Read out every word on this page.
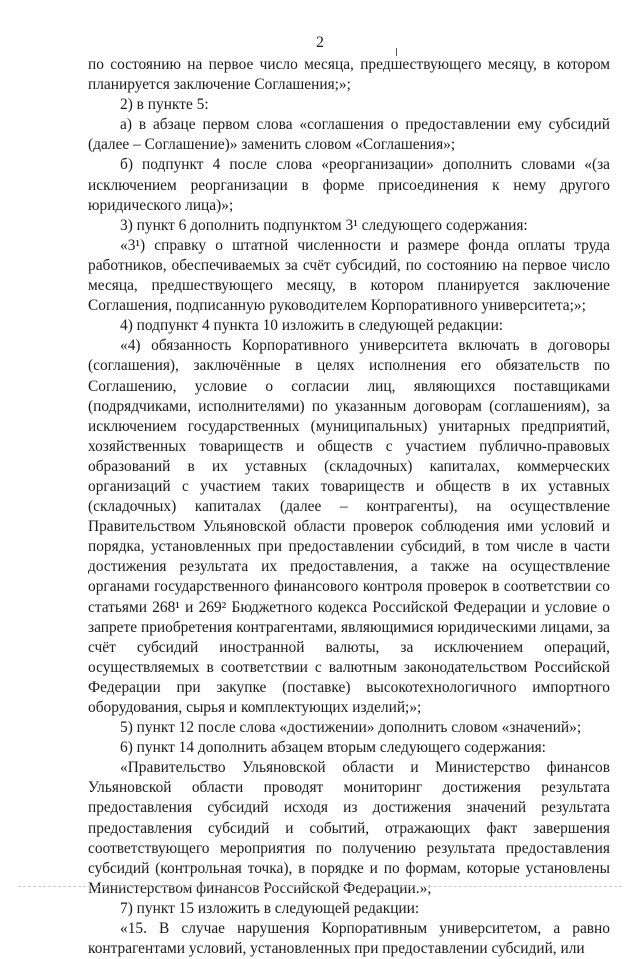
2

по состоянию на первое число месяца, предшествующего месяцу, в котором планируется заключение Соглашения;»;

2) в пункте 5:

а) в абзаце первом слова «соглашения о предоставлении ему субсидий (далее – Соглашение)» заменить словом «Соглашения»;

б) подпункт 4 после слова «реорганизации» дополнить словами «(за исключением реорганизации в форме присоединения к нему другого юридического лица)»;

3) пункт 6 дополнить подпунктом 3¹ следующего содержания:

«3¹) справку о штатной численности и размере фонда оплаты труда работников, обеспечиваемых за счёт субсидий, по состоянию на первое число месяца, предшествующего месяцу, в котором планируется заключение Соглашения, подписанную руководителем Корпоративного университета;»;

4) подпункт 4 пункта 10 изложить в следующей редакции:

«4) обязанность Корпоративного университета включать в договоры (соглашения), заключённые в целях исполнения его обязательств по Соглашению, условие о согласии лиц, являющихся поставщиками (подрядчиками, исполнителями) по указанным договорам (соглашениям), за исключением государственных (муниципальных) унитарных предприятий, хозяйственных товариществ и обществ с участием публично-правовых образований в их уставных (складочных) капиталах, коммерческих организаций с участием таких товариществ и обществ в их уставных (складочных) капиталах (далее – контрагенты), на осуществление Правительством Ульяновской области проверок соблюдения ими условий и порядка, установленных при предоставлении субсидий, в том числе в части достижения результата их предоставления, а также на осуществление органами государственного финансового контроля проверок в соответствии со статьями 268¹ и 269² Бюджетного кодекса Российской Федерации и условие о запрете приобретения контрагентами, являющимися юридическими лицами, за счёт субсидий иностранной валюты, за исключением операций, осуществляемых в соответствии с валютным законодательством Российской Федерации при закупке (поставке) высокотехнологичного импортного оборудования, сырья и комплектующих изделий;»;

5) пункт 12 после слова «достижении» дополнить словом «значений»;

6) пункт 14 дополнить абзацем вторым следующего содержания:

«Правительство Ульяновской области и Министерство финансов Ульяновской области проводят мониторинг достижения результата предоставления субсидий исходя из достижения значений результата предоставления субсидий и событий, отражающих факт завершения соответствующего мероприятия по получению результата предоставления субсидий (контрольная точка), в порядке и по формам, которые установлены Министерством финансов Российской Федерации.»;

7) пункт 15 изложить в следующей редакции:

«15. В случае нарушения Корпоративным университетом, а равно контрагентами условий, установленных при предоставлении субсидий, или
